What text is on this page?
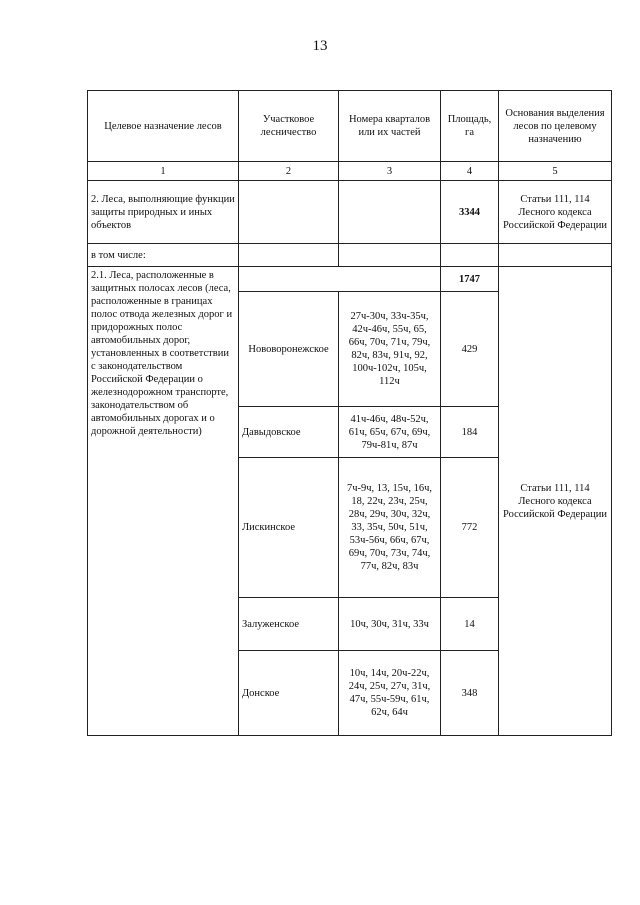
13
Целевое назначение лесов	Участковое лесничество	Номера кварталов или их частей	Площадь, га	Основания выделения лесов по целевому назначению
1	2	3	4	5
2. Леса, выполняющие функции защиты природных и иных объектов			3344	Статьи 111, 114 Лесного кодекса Российской Федерации
в том числе:				
2.1. Леса, расположенные в защитных полосах лесов (леса, расположенные в границах полос отвода железных дорог и придорожных полос автомобильных дорог, установленных в соответствии с законодательством Российской Федерации о железнодорожном транспорте, законодательством об автомобильных дорогах и о дорожной деятельности)			1747	Статьи 111, 114 Лесного кодекса Российской Федерации
	Нововоронежское	27ч-30ч, 33ч-35ч, 42ч-46ч, 55ч, 65, 66ч, 70ч, 71ч, 79ч, 82ч, 83ч, 91ч, 92, 100ч-102ч, 105ч, 112ч	429	
	Давыдовское	41ч-46ч, 48ч-52ч, 61ч, 65ч, 67ч, 69ч, 79ч-81ч, 87ч	184	
	Лискинское	7ч-9ч, 13, 15ч, 16ч, 18, 22ч, 23ч, 25ч, 28ч, 29ч, 30ч, 32ч, 33, 35ч, 50ч, 51ч, 53ч-56ч, 66ч, 67ч, 69ч, 70ч, 73ч, 74ч, 77ч, 82ч, 83ч	772	
	Залуженское	10ч, 30ч, 31ч, 33ч	14	
	Донское	10ч, 14ч, 20ч-22ч, 24ч, 25ч, 27ч, 31ч, 47ч, 55ч-59ч, 61ч, 62ч, 64ч	348	
